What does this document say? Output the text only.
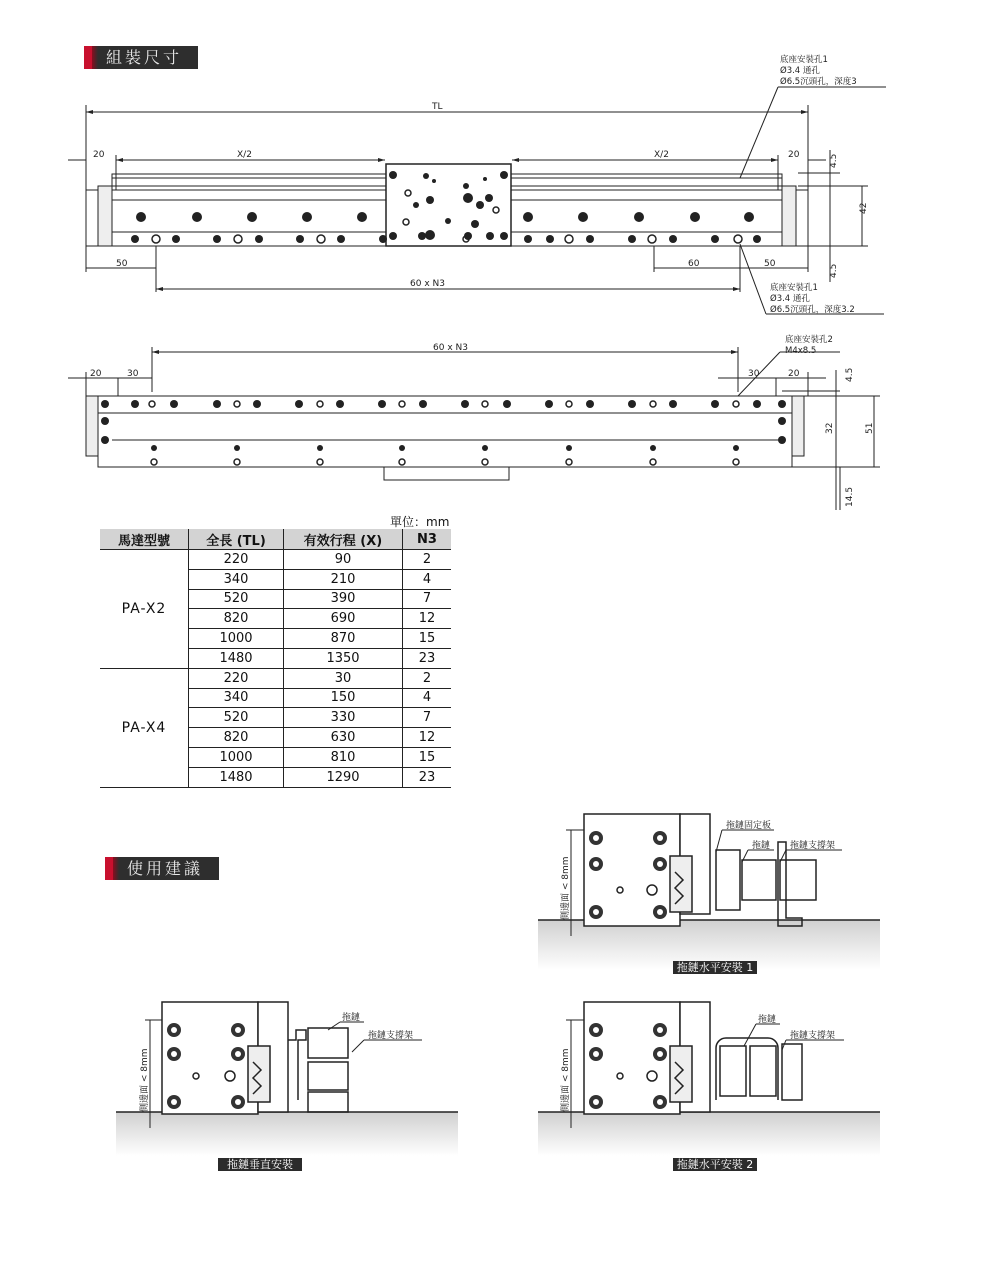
組裝尺寸
TL
X/2	X/2
20	20
50	60	50
60 x N3
4.5
42
4.5
底座安裝孔1
Ø3.4 通孔
Ø6.5沉頭孔，深度3
底座安裝孔1
Ø3.4 通孔
Ø6.5沉頭孔，深度3.2
60 x N3
20	30	30	20	4.5
32	51
14.5
底座安裝孔2
M4x8.5
單位：mm
馬達型號	全長 (TL)	有效行程 (X)	N3
PA-X2	220	90	2
	340	210	4
	520	390	7
	820	690	12
	1000	870	15
	1480	1350	23
PA-X4	220	30	2
	340	150	4
	520	330	7
	820	630	12
	1000	810	15
	1480	1290	23
使用建議	側邊面 < 8mm
拖鏈固定板
拖鏈 拖鏈支撐架
拖鏈水平安裝 1
側邊面 < 8mm
拖鏈
拖鏈支撐架
拖鏈垂直安裝
側邊面 < 8mm
拖鏈
拖鏈支撐架
拖鏈水平安裝 2
